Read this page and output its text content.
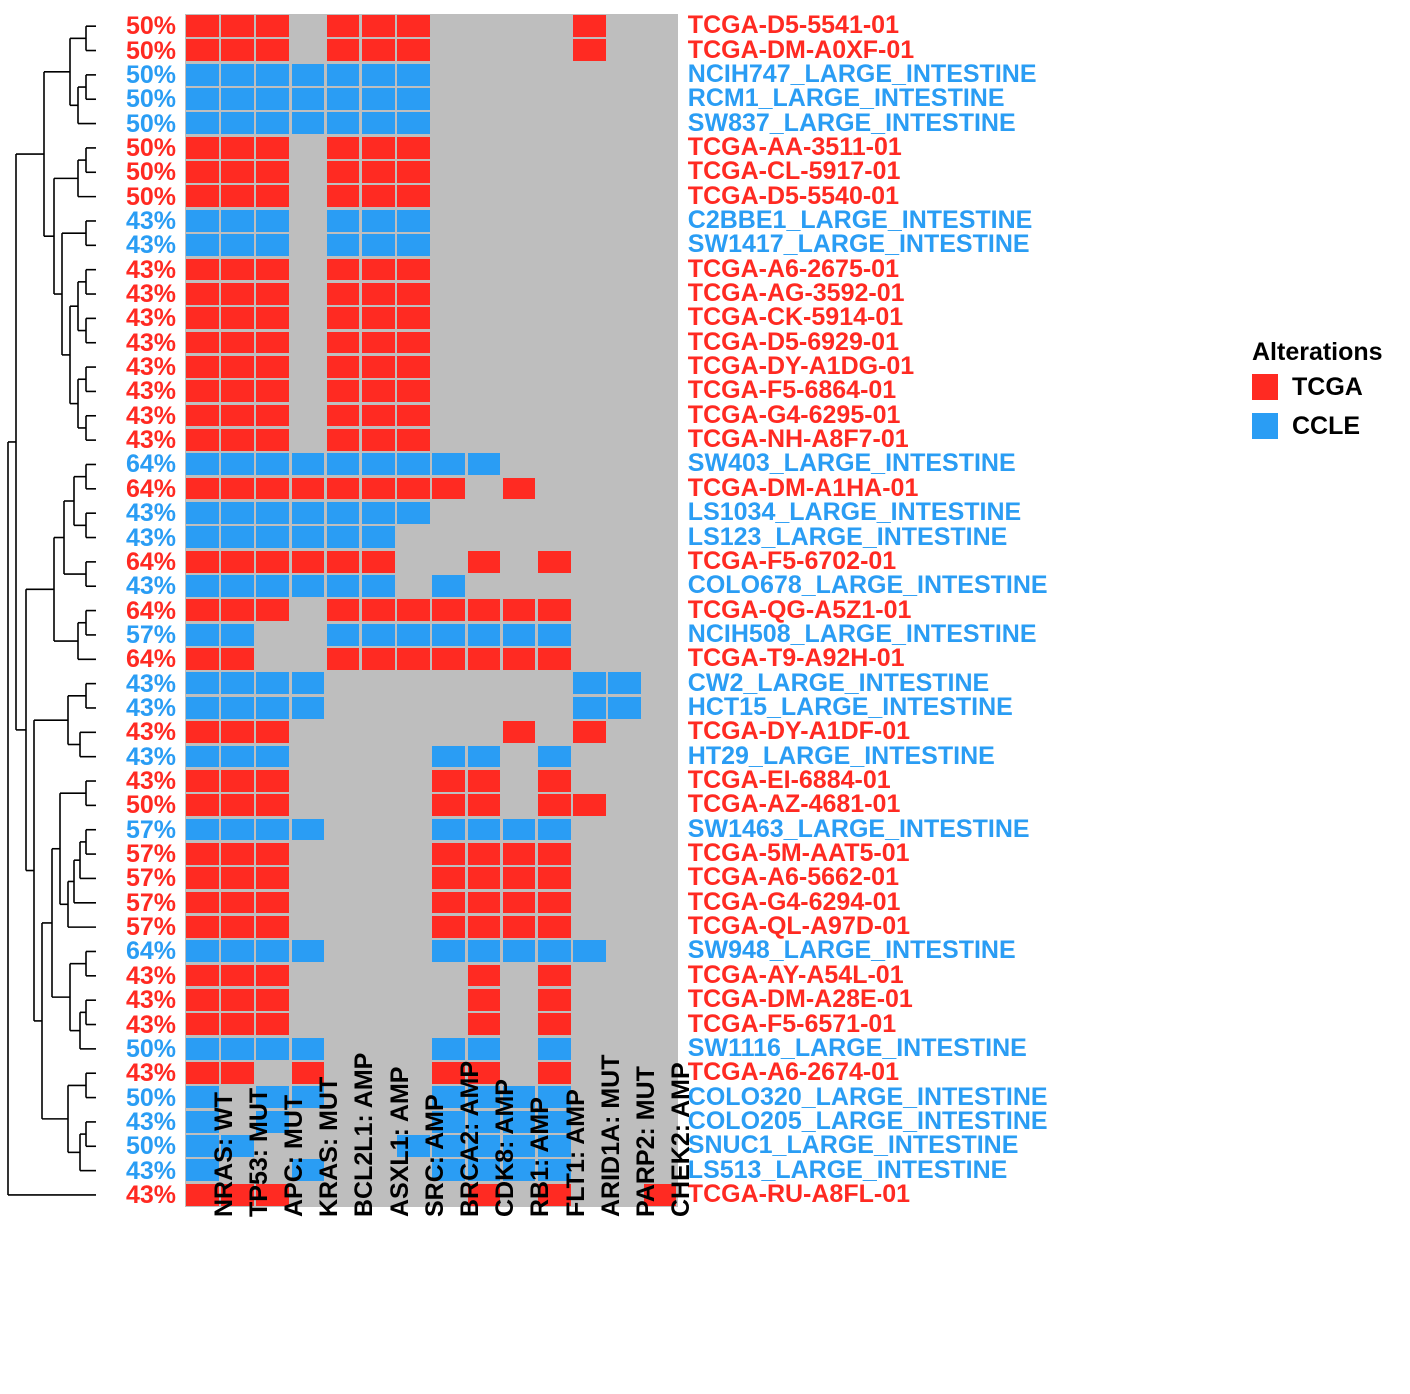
50%
50%
50%
50%
50%
50%
50%
50%
43%
43%
43%
43%
43%
43%
43%
43%
43%
43%
64%
64%
43%
43%
64%
43%
64%
57%
64%
43%
43%
43%
43%
43%
50%
57%
57%
57%
57%
57%
64%
43%
43%
43%
50%
43%
50%
43%
50%
43%
43%
TCGA-D5-5541-01
TCGA-DM-A0XF-01
NCIH747_LARGE_INTESTINE
RCM1_LARGE_INTESTINE
SW837_LARGE_INTESTINE
TCGA-AA-3511-01
TCGA-CL-5917-01
TCGA-D5-5540-01
C2BBE1_LARGE_INTESTINE
SW1417_LARGE_INTESTINE
TCGA-A6-2675-01
TCGA-AG-3592-01
TCGA-CK-5914-01
TCGA-D5-6929-01
TCGA-DY-A1DG-01
TCGA-F5-6864-01
TCGA-G4-6295-01
TCGA-NH-A8F7-01
SW403_LARGE_INTESTINE
TCGA-DM-A1HA-01
LS1034_LARGE_INTESTINE
LS123_LARGE_INTESTINE
TCGA-F5-6702-01
COLO678_LARGE_INTESTINE
TCGA-QG-A5Z1-01
NCIH508_LARGE_INTESTINE
TCGA-T9-A92H-01
CW2_LARGE_INTESTINE
HCT15_LARGE_INTESTINE
TCGA-DY-A1DF-01
HT29_LARGE_INTESTINE
TCGA-EI-6884-01
TCGA-AZ-4681-01
SW1463_LARGE_INTESTINE
TCGA-5M-AAT5-01
TCGA-A6-5662-01
TCGA-G4-6294-01
TCGA-QL-A97D-01
SW948_LARGE_INTESTINE
TCGA-AY-A54L-01
TCGA-DM-A28E-01
TCGA-F5-6571-01
SW1116_LARGE_INTESTINE
TCGA-A6-2674-01
COLO320_LARGE_INTESTINE
COLO205_LARGE_INTESTINE
SNUC1_LARGE_INTESTINE
LS513_LARGE_INTESTINE
TCGA-RU-A8FL-01
NRAS: WT TP53: MUT APC: MUT KRAS: MUT BCL2L1: AMP ASXL1: AMP SRC: AMP BRCA2: AMP CDK8: AMP RB1: AMP FLT1: AMP ARID1A: MUT PARP2: MUT CHEK2: AMP
Alterations
TCGA
CCLE
